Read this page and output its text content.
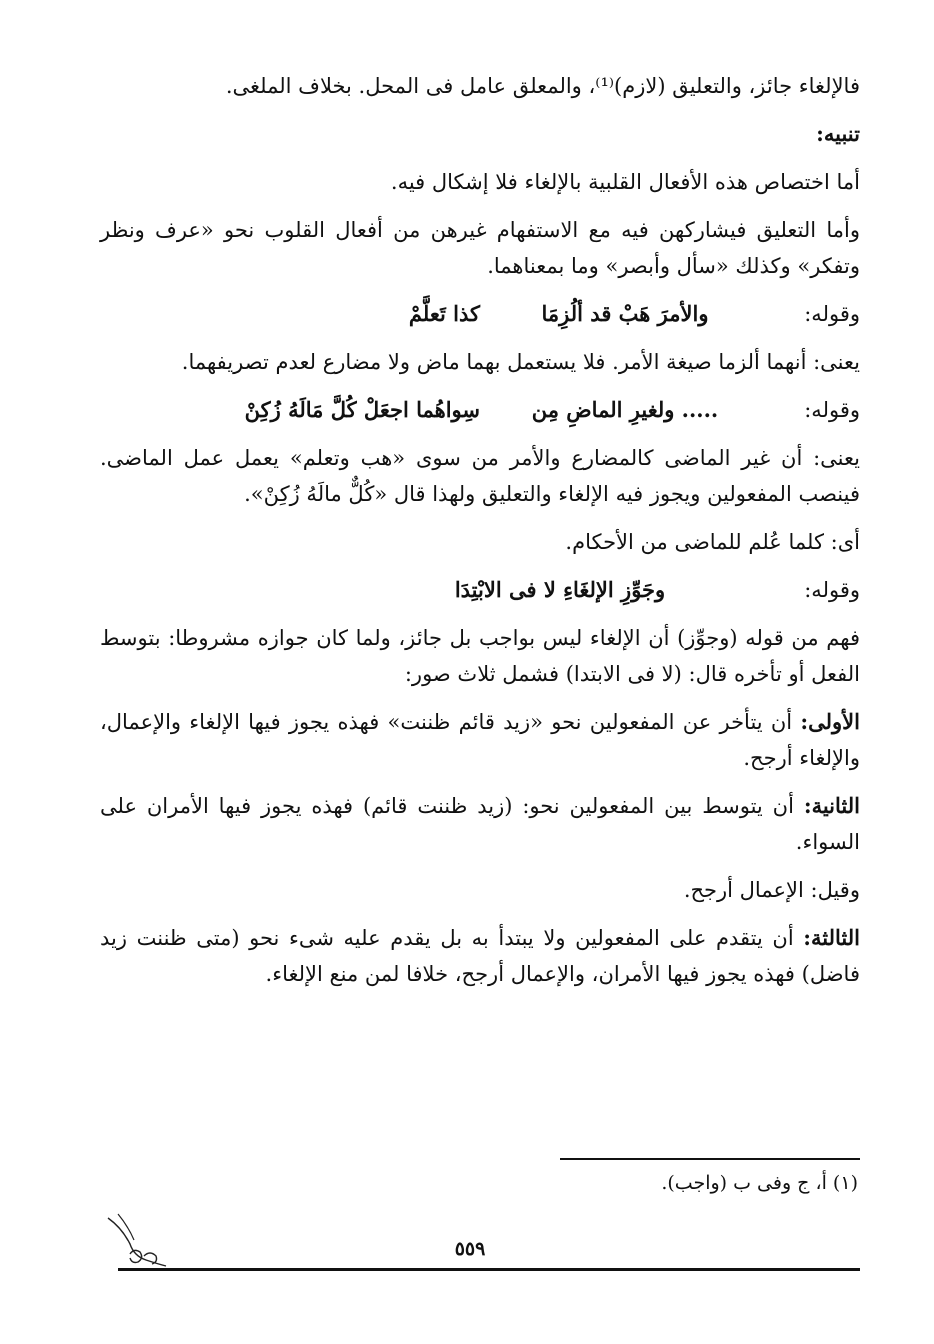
فالإلغاء جائز، والتعليق (لازم)⁽¹⁾، والمعلق عامل فى المحل. بخلاف الملغى.
تنبيه:
أما اختصاص هذه الأفعال القلبية بالإلغاء فلا إشكال فيه.
وأما التعليق فيشاركهن فيه مع الاستفهام غيرهن من أفعال القلوب نحو «عرف ونظر وتفكر» وكذلك «سأل وأبصر» وما بمعناهما.
وقوله:
والأمرَ هَبْ قد ألُزِمَا
كذا تَعلَّمْ
يعنى: أنهما ألزما صيغة الأمر. فلا يستعمل بهما ماض ولا مضارع لعدم تصريفهما.
وقوله:
..... ولغيرِ الماضِ مِن
سِواهُما اجعَلْ كُلَّ مَالَهُ زُكِنْ
يعنى: أن غير الماضى كالمضارع والأمر من سوى «هب وتعلم» يعمل عمل الماضى. فينصب المفعولين ويجوز فيه الإلغاء والتعليق ولهذا قال «كُلٌّ مالَهُ زُكِنْ».
أى: كلما عُلم للماضى من الأحكام.
وقوله:
وجَوِّزِ الإلغَاءِ لا فى الابْتِدَا
فهم من قوله (وجوِّز) أن الإلغاء ليس بواجب بل جائز، ولما كان جوازه مشروطا: بتوسط الفعل أو تأخره قال: (لا فى الابتدا) فشمل ثلاث صور:
الأولى: أن يتأخر عن المفعولين نحو «زيد قائم ظننت» فهذه يجوز فيها الإلغاء والإعمال، والإلغاء أرجح.
الثانية: أن يتوسط بين المفعولين نحو: (زيد ظننت قائم) فهذه يجوز فيها الأمران على السواء.
وقيل: الإعمال أرجح.
الثالثة: أن يتقدم على المفعولين ولا يبتدأ به بل يقدم عليه شىء نحو (متى ظننت زيد فاضل) فهذه يجوز فيها الأمران، والإعمال أرجح، خلافا لمن منع الإلغاء.
(١) أ، ج وفى ب (واجب).
٥٥٩
